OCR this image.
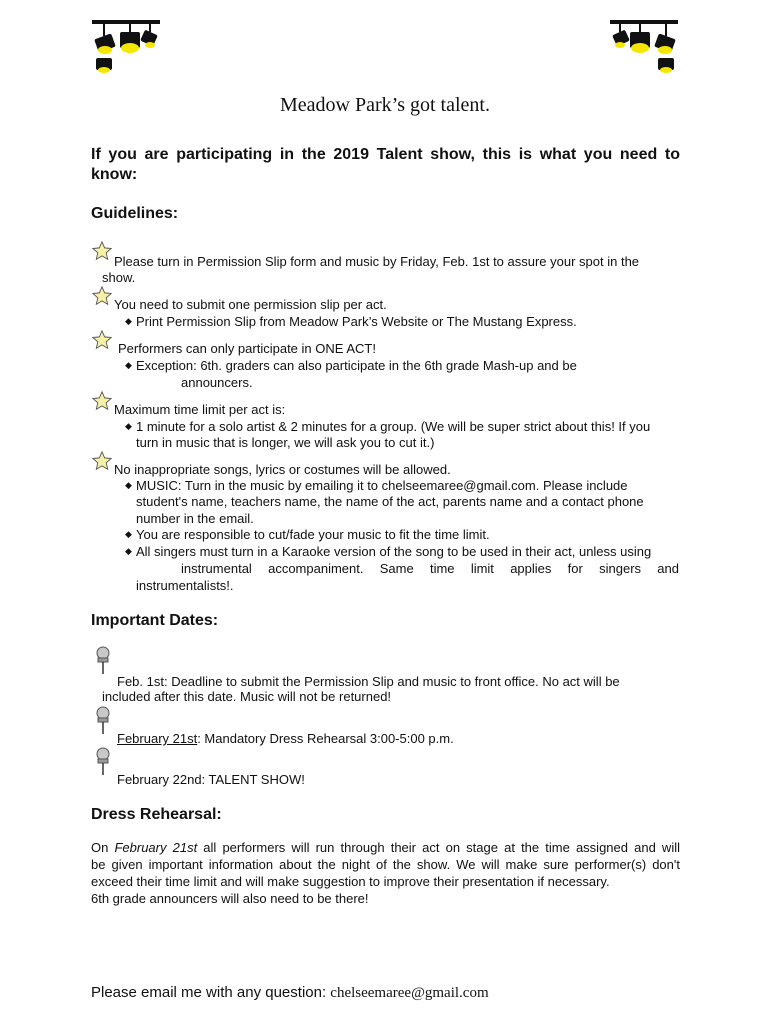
Meadow Park’s got talent.
If you are participating in the 2019 Talent show, this is what you need to know:
Guidelines:
Please turn in Permission Slip form and music by Friday, Feb. 1st to assure your spot in the
show.
You need to submit one permission slip per act.
◆ Print Permission Slip from Meadow Park’s Website or The Mustang Express.
Performers can only participate in ONE ACT!
◆ Exception: 6th. graders can also participate in the 6th grade Mash-up and be
announcers.
Maximum time limit per act is:
◆ 1 minute for a solo artist & 2 minutes for a group. (We will be super strict about this! If you
turn in music that is longer, we will ask you to cut it.)
No inappropriate songs, lyrics or costumes will be allowed.
◆ MUSIC: Turn in the music by emailing it to chelseemaree@gmail.com. Please include
student's name, teachers name, the name of the act, parents name and a contact phone
number in the email.
◆ You are responsible to cut/fade your music to fit the time limit.
◆ All singers must turn in a Karaoke version of the song to be used in their act, unless using
instrumental accompaniment. Same time limit applies for singers and
instrumentalists!.
Important Dates:
Feb. 1st: Deadline to submit the Permission Slip and music to front office. No act will be
included after this date. Music will not be returned!
February 21st: Mandatory Dress Rehearsal 3:00-5:00 p.m.
February 22nd: TALENT SHOW!
Dress Rehearsal:
On February 21st all performers will run through their act on stage at the time assigned and will
be given important information about the night of the show. We will make sure performer(s) don't
exceed their time limit and will make suggestion to improve their presentation if necessary.
6th grade announcers will also need to be there!
Please email me with any question: chelseemaree@gmail.com
